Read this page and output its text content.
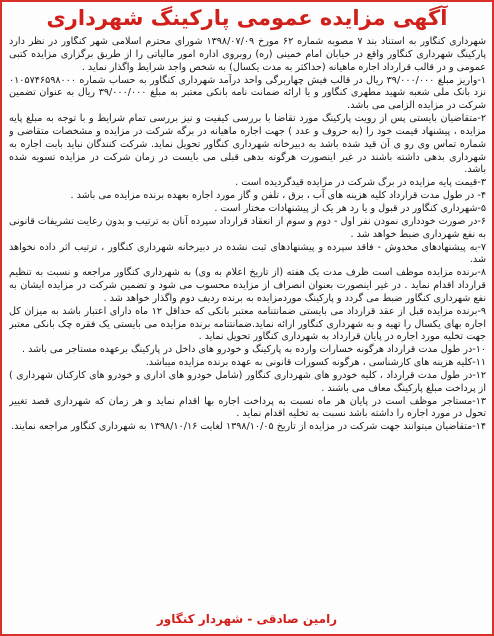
آگهی مزایده عمومی پارکینگ شهرداری

شهرداری کنگاور به استناد بند ۷ مصوبه شماره ۶۲ مورخ ۱۳۹۸/۰۷/۰۹ شورای محترم اسلامی شهر کنگاور در نظر دارد پارکینگ شهرداری کنگاور واقع در خیابان امام خمینی (ره) روبروی اداره امور مالیاتی را از طریق برگزاری مزایده کتبی عمومی و در قالب قرارداد اجاره ماهیانه (حداکثر به مدت یکسال) به شخص واجد شرایط واگذار نماید .

۱-واریز مبلغ ۳۹/۰۰۰/۰۰۰ ریال در قالب فیش چهاربرگی واحد درآمد شهرداری کنگاور به حساب شماره ۰۱۰۵۷۴۶۵۹۸۰۰۰ نزد بانک ملی شعبه شهید مطهری کنگاور و یا ارائه ضمانت نامه بانکی معتبر به مبلغ ۳۹/۰۰۰/۰۰۰ ریال به عنوان تضمین شرکت در مزایده الزامی می باشد.

۲-متقاضیان بایستی پس از رویت پارکینگ مورد تقاضا با بررسی کیفیت و نیز بررسی تمام شرایط و با توجه به مبلغ پایه مزایده ، پیشنهاد قیمت خود را (به حروف و عدد ) جهت اجاره ماهیانه در برگه شرکت در مزایده و مشخصات متقاضی و شماره تماس وی رو ی آن قید شده باشد به دبیرخانه شهرداری کنگاور تحویل نماید. شرکت کنندگان نباید بابت اجاره به شهرداری بدهی داشته باشند در غیر اینصورت هرگونه بدهی قبلی می بایست در زمان شرکت در مزایده تسویه شده باشد.

۳-قیمت پایه مزایده در برگ شرکت در مزایده قیدگردیده است .

۴- در طول مدت قرارداد کلیه هزینه های آب ، برق ، تلفن و گاز مورد اجاره بعهده برنده مزایده می باشد .

۵-شهرداری کنگاور در قبول و یا رد هر یک از پیشنهادات مختار است .

۶-در صورت خودداری نمودن نفر اول - دوم و سوم از انعقاد قرارداد سپرده آنان به ترتیب و بدون رعایت تشریفات قانونی به نفع شهرداری ضبط خواهد شد .

۷-به پیشنهادهای مخدوش - فاقد سپرده و پیشنهادهای ثبت نشده در دبیرخانه شهرداری کنگاور ، ترتیب اثر داده نخواهد شد.

۸-برنده مزایده موظف است ظرف مدت یک هفته (از تاریخ اعلام به وی) به شهرداری کنگاور مراجعه و نسبت به تنظیم قرارداد اقدام نماید . در غیر اینصورت بعنوان انصراف از مزایده محسوب می شود و تضمین شرکت در مزایده ایشان به نفع شهرداری کنگاور ضبط می گردد و پارکینگ موردمزایده به برنده ردیف دوم واگذار خواهد شد .

۹-برنده مزایده قبل از عقد قرارداد می بایستی ضمانتنامه معتبر بانکی که حداقل ۱۲ ماه دارای اعتبار باشد به میزان کل اجاره بهای یکسال را تهیه و به شهرداری کنگاور ارائه نماید.ضمانتنامه برنده مزایده می بایستی یک فقره چک بانکی معتبر جهت تخلیه مورد اجاره در پایان قرارداد به شهرداری کنگاور تحویل نماید .

۱۰-در طول مدت قرارداد هرگونه خسارات وارده به پارکینگ و خودرو های داخل در پارکینگ برعهده مستاجر می باشد .

۱۱-کلیه هزینه های کارشناسی ، هرگونه کسورات قانونی به عهده برنده مزایده میباشد.

۱۲-در طول مدت قرارداد ، کلیه خودرو های شهرداری کنگاور (شامل خودرو های اداری و خودرو های کارکنان شهرداری ) از پرداخت مبلغ پارکینگ معاف می باشند .

۱۳-مستاجر موظف است در پایان هر ماه نسبت به پرداخت اجاره بها اقدام نماید و هر زمان که شهرداری قصد تغییر تحول در مورد اجاره را داشته باشد نسبت به تخلیه اقدام نماید .

۱۴-متقاضیان میتوانند جهت شرکت در مزایده از تاریخ ۱۳۹۸/۱۰/۰۵ لغایت ۱۳۹۸/۱۰/۱۶ به شهرداری کنگاور مراجعه نمایند.

رامین صادقی - شهردار کنگاور
